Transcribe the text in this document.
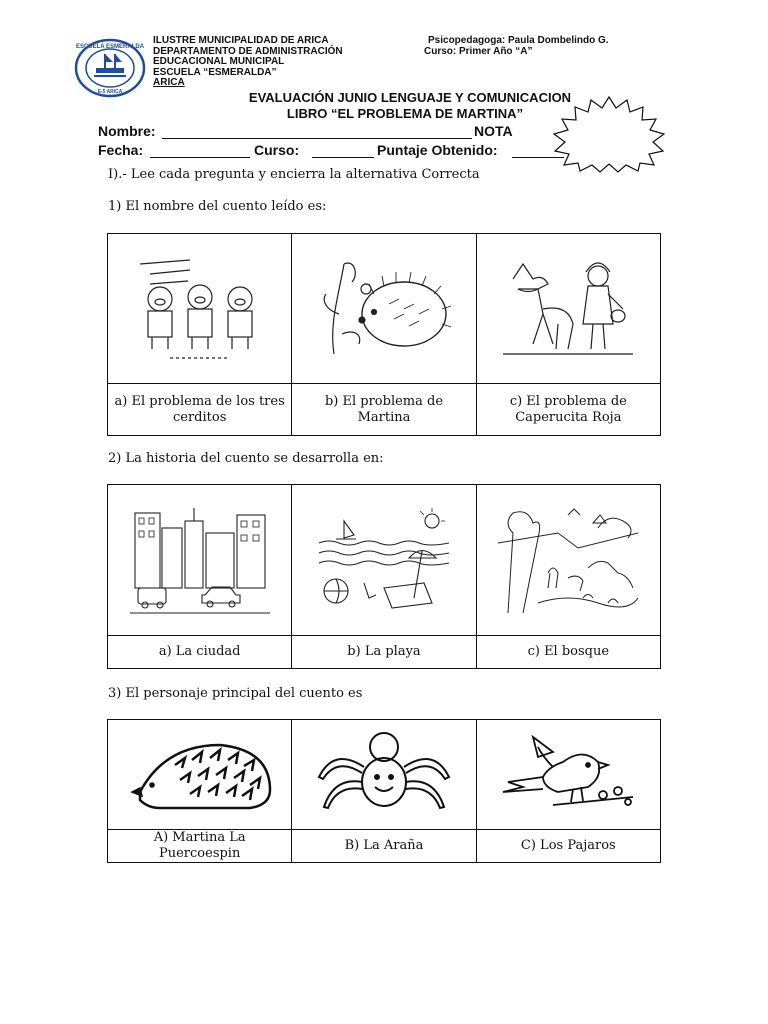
ESCUELA ESMERALDA
E-5 ARICA
ILUSTRE MUNICIPALIDAD DE ARICA
DEPARTAMENTO DE ADMINISTRACIÓN
EDUCACIONAL MUNICIPAL
ESCUELA “ESMERALDA”
ARICA
Psicopedagoga: Paula Dombelindo G.
Curso: Primer Año “A”
EVALUACIÓN JUNIO LENGUAJE Y COMUNICACION
LIBRO “EL PROBLEMA DE MARTINA”
Nombre:	NOTA
Fecha:	Curso:	Puntaje Obtenido:
I).- Lee cada pregunta y encierra la alternativa Correcta
1) El nombre del cuento leído es:

a) El problema de los tres cerditos	b) El problema de Martina	c) El problema de Caperucita Roja
2) La historia del cuento se desarrolla en:

a) La ciudad	b) La playa	c) El bosque
3) El personaje principal del cuento es

A) Martina La Puercoespin	B) La Araña	C) Los Pajaros
